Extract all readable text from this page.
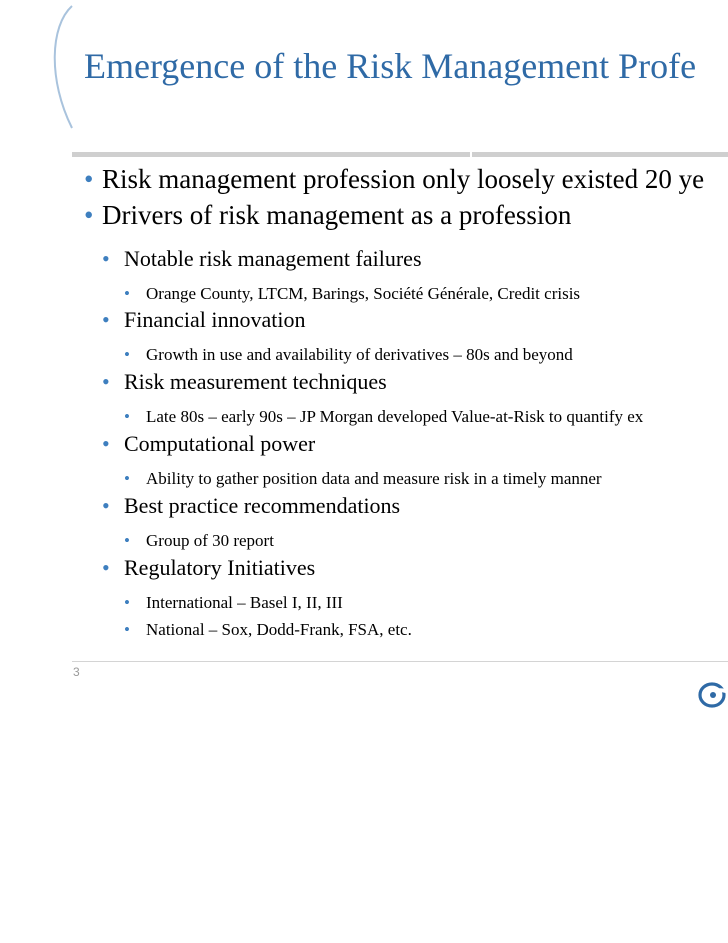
Emergence of the Risk Management Profe
• Risk management profession only loosely existed 20 ye
• Drivers of risk management as a profession
• Notable risk management failures
• Orange County, LTCM, Barings, Société Générale, Credit crisis
• Financial innovation
• Growth in use and availability of derivatives – 80s and beyond
• Risk measurement techniques
• Late 80s – early 90s – JP Morgan developed Value-at-Risk to quantify ex
• Computational power
• Ability to gather position data and measure risk in a timely manner
• Best practice recommendations
• Group of 30 report
• Regulatory Initiatives
• International – Basel I, II, III
• National – Sox, Dodd-Frank, FSA, etc.
3
